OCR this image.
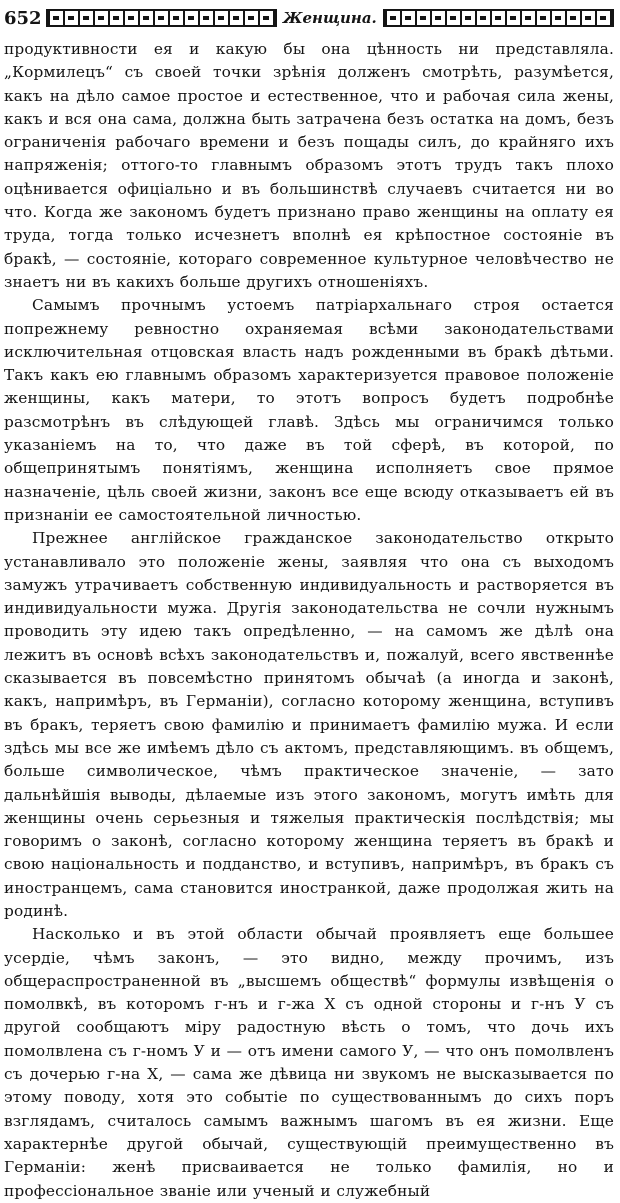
652	Женщина.

продуктивности ея и какую бы она цѣнность ни представляла. „Кормилецъ“ съ своей точки зрѣнія долженъ смотрѣть, разумѣется, какъ на дѣло самое простое и естественное, что и рабочая сила жены, какъ и вся она сама, должна быть затрачена безъ остатка на домъ, безъ ограниченія рабочаго времени и безъ пощады силъ, до крайняго ихъ напряженія; оттого-то главнымъ образомъ этотъ трудъ такъ плохо оцѣнивается офиціально и въ большинствѣ случаевъ считается ни во что. Когда же закономъ будетъ признано право женщины на оплату ея труда, тогда только исчезнетъ вполнѣ ея крѣпостное состояніе въ бракѣ, — состояніе, котораго современное культурное человѣчество не знаетъ ни въ какихъ больше другихъ отношеніяхъ.

Самымъ прочнымъ устоемъ патріархальнаго строя остается попрежнему ревностно охраняемая всѣми законодательствами исключительная отцовская власть надъ рожденными въ бракѣ дѣтьми. Такъ какъ ею главнымъ образомъ характеризуется правовое положеніе женщины, какъ матери, то этотъ вопросъ будетъ подробнѣе разсмотрѣнъ въ слѣдующей главѣ. Здѣсь мы ограничимся только указаніемъ на то, что даже въ той сферѣ, въ которой, по общепринятымъ понятіямъ, женщина исполняетъ свое прямое назначеніе, цѣль своей жизни, законъ все еще всюду отказываетъ ей въ признаніи ее самостоятельной личностью.

Прежнее англійское гражданское законодательство открыто устанавливало это положеніе жены, заявляя что она съ выходомъ замужъ утрачиваетъ собственную индивидуальность и растворяется въ индивидуальности мужа. Другія законодательства не сочли нужнымъ проводить эту идею такъ опредѣленно, — на самомъ же дѣлѣ она лежитъ въ основѣ всѣхъ законодательствъ и, пожалуй, всего явственнѣе сказывается въ повсемѣстно принятомъ обычаѣ (а иногда и законѣ, какъ, напримѣръ, въ Германіи), согласно которому женщина, вступивъ въ бракъ, теряетъ свою фамилію и принимаетъ фамилію мужа. И если здѣсь мы все же имѣемъ дѣло съ актомъ, представляющимъ. въ общемъ, больше символическое, чѣмъ практическое значеніе, — зато дальнѣйшія выводы, дѣлаемые изъ этого закономъ, могутъ имѣть для женщины очень серьезныя и тяжелыя практическія послѣдствія; мы говоримъ о законѣ, согласно которому женщина теряетъ въ бракѣ и свою національность и подданство, и вступивъ, напримѣръ, въ бракъ съ иностранцемъ, сама становится иностранкой, даже продолжая жить на родинѣ.

Насколько и въ этой области обычай проявляетъ еще большее усердіе, чѣмъ законъ, — это видно, между прочимъ, изъ общераспространенной въ „высшемъ обществѣ“ формулы извѣщенія о помолвкѣ, въ которомъ г-нъ и г-жа X съ одной стороны и г-нъ У съ другой сообщаютъ міру радостную вѣсть о томъ, что дочь ихъ помолвлена съ г-номъ У и — отъ имени самого У, — что онъ помолвленъ съ дочерью г-на X, — сама же дѣвица ни звукомъ не высказывается по этому поводу, хотя это событіе по существованнымъ до сихъ поръ взглядамъ, считалось самымъ важнымъ шагомъ въ ея жизни. Еще характернѣе другой обычай, существующій преимущественно въ Германіи: женѣ присваивается не только фамилія, но и профессіональное званіе или ученый и служебный
